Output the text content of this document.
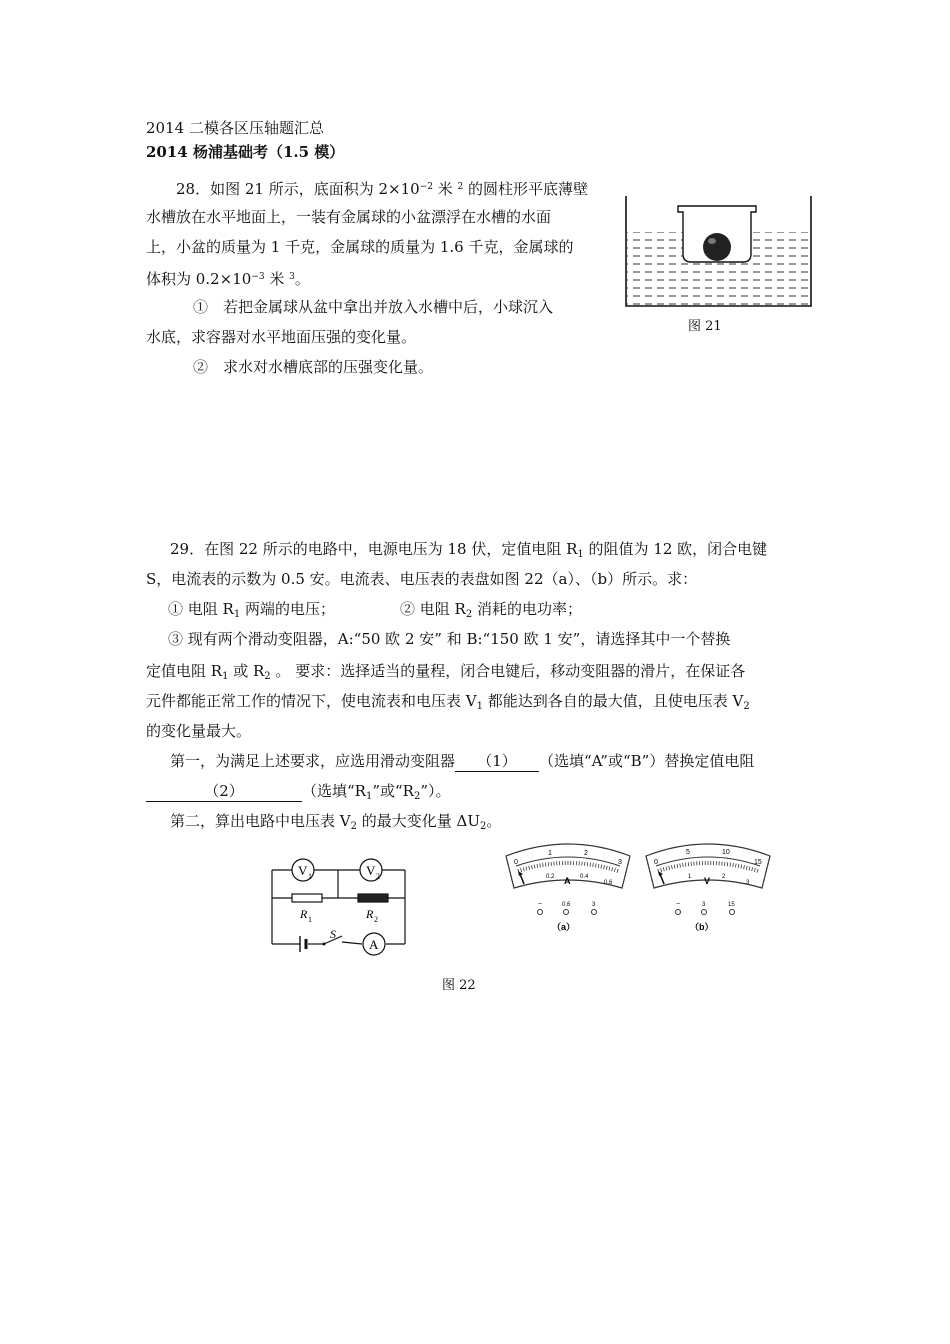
2014 二模各区压轴题汇总
2014 杨浦基础考（1.5 模）
28．如图 21 所示，底面积为 $2\times 10^{-2}$ 米 $^2$ 的圆柱形平底薄壁
水槽放在水平地面上，一装有金属球的小盆漂浮在水槽的水面
上，小盆的质量为 1 千克，金属球的质量为 1.6 千克，金属球的
体积为 $0.2\times 10^{-3}$ 米 $^3$。
①　若把金属球从盆中拿出并放入水槽中后，小球沉入
水底，求容器对水平地面压强的变化量。
②　求水对水槽底部的压强变化量。
图 21
29．在图 22 所示的电路中，电源电压为 18 伏，定值电阻 $R_1$ 的阻值为 12 欧，闭合电键
S，电流表的示数为 0.5 安。电流表、电压表的表盘如图 22（a）、（b）所示。求：
① 电阻 $R_1$ 两端的电压；	② 电阻 $R_2$ 消耗的电功率；
③ 现有两个滑动变阻器，A:“50 欧 2 安” 和 B:“150 欧 1 安”，请选择其中一个替换
定值电阻 $R_1$ 或 $R_2$ 。 要求：选择适当的量程，闭合电键后，移动变阻器的滑片，在保证各
元件都能正常工作的情况下，使电流表和电压表 $V_1$ 都能达到各自的最大值，且使电压表 $V_2$
的变化量最大。
第一，为满足上述要求，应选用滑动变阻器 （1） （选填“A”或“B”）替换定值电阻
（2）	（选填“$R_1$”或“$R_2$”）。
第二，算出电路中电压表 $V_2$ 的最大变化量 $\Delta U_2$。
V 1	V 2
R 1	R 2
S
A
0
1	2
3
0.2	0.4
0.6
A
−	0.6	3
（a）
0
5	10
15
1	2
3
V
−	3	15
（b）
图 22
